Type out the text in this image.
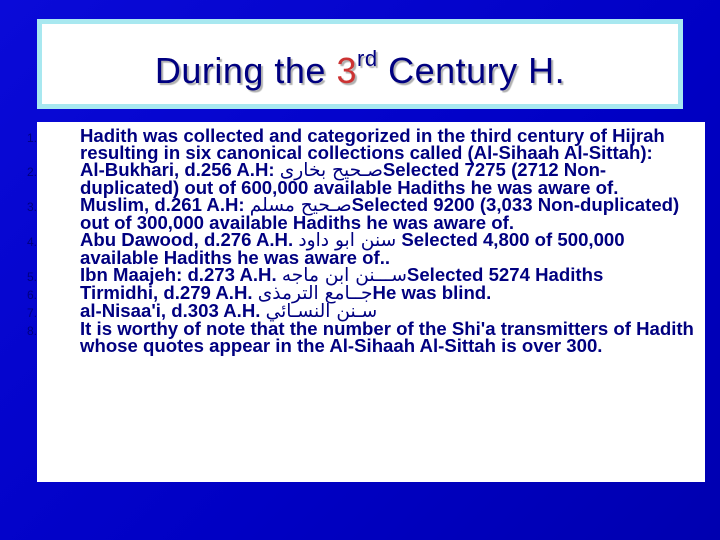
During the 3rd Century H.
1. Hadith was collected and categorized in the third century of Hijrah resulting in six canonical collections called (Al-Sihaah Al-Sittah):
2. Al-Bukhari, d.256 A.H: صـحيح بخارىSelected 7275 (2712 Non-duplicated) out of 600,000 available Hadiths he was aware of.
3. Muslim, d.261 A.H: صـحيح مسلمSelected 9200 (3,033 Non-duplicated) out of 300,000 available Hadiths he was aware of.
4. Abu Dawood, d.276 A.H. سنن ابو داود Selected 4,800 of 500,000 available Hadiths he was aware of..
5. Ibn Maajeh: d.273 A.H. ســـنن ابن ماجهSelected 5274 Hadiths
6. Tirmidhi, d.279 A.H. جــامع الترمذىHe was blind.
7. al-Nisaa'i, d.303 A.H. سـنن النسـائي
8. It is worthy of note that the number of the Shi'a transmitters of Hadith whose quotes appear in the Al-Sihaah Al-Sittah is over 300.
